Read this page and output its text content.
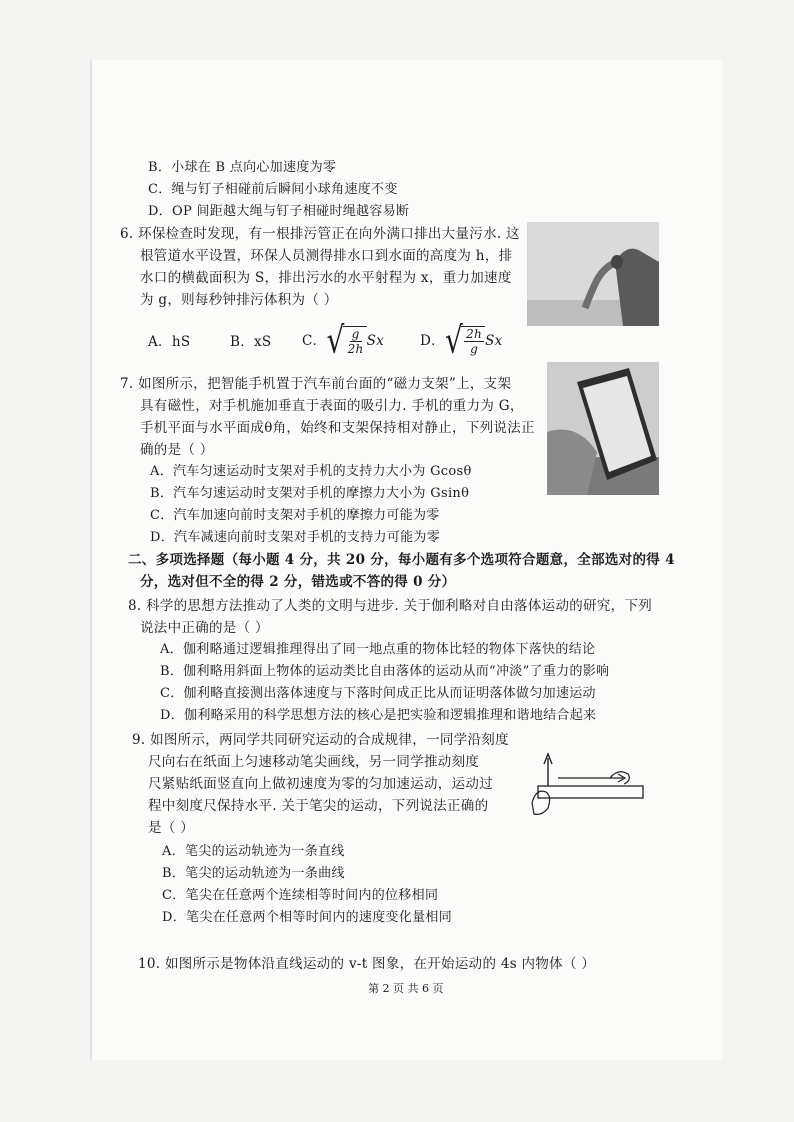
B．小球在 B 点向心加速度为零
C．绳与钉子相碰前后瞬间小球角速度不变
D．OP 间距越大绳与钉子相碰时绳越容易断
6. 环保检查时发现，有一根排污管正在向外满口排出大量污水. 这
根管道水平设置，环保人员测得排水口到水面的高度为 h，排
水口的横截面积为 S，排出污水的水平射程为 x，重力加速度
为 g，则每秒钟排污体积为（ ）
A．hS	B．xS C． √ $\frac{g}{2h}$ Sx	D． √ $\frac{2h}{g}$ Sx
7. 如图所示，把智能手机置于汽车前台面的“磁力支架”上，支架
具有磁性，对手机施加垂直于表面的吸引力. 手机的重力为 G，
手机平面与水平面成θ角，始终和支架保持相对静止，下列说法正
确的是（ ）
A．汽车匀速运动时支架对手机的支持力大小为 Gcosθ
B．汽车匀速运动时支架对手机的摩擦力大小为 Gsinθ
C．汽车加速向前时支架对手机的摩擦力可能为零
D．汽车减速向前时支架对手机的支持力可能为零
二、多项选择题（每小题 4 分，共 20 分，每小题有多个选项符合题意，全部选对的得 4
分，选对但不全的得 2 分，错选或不答的得 0 分）
8. 科学的思想方法推动了人类的文明与进步. 关于伽利略对自由落体运动的研究，下列
说法中正确的是（ ）
A．伽利略通过逻辑推理得出了同一地点重的物体比轻的物体下落快的结论
B．伽利略用斜面上物体的运动类比自由落体的运动从而“冲淡”了重力的影响
C．伽利略直接测出落体速度与下落时间成正比从而证明落体做匀加速运动
D．伽利略采用的科学思想方法的核心是把实验和逻辑推理和谐地结合起来
9. 如图所示，两同学共同研究运动的合成规律，一同学沿刻度
尺向右在纸面上匀速移动笔尖画线，另一同学推动刻度
尺紧贴纸面竖直向上做初速度为零的匀加速运动，运动过
程中刻度尺保持水平. 关于笔尖的运动，下列说法正确的
是（ ）
A．笔尖的运动轨迹为一条直线
B．笔尖的运动轨迹为一条曲线
C．笔尖在任意两个连续相等时间内的位移相同
D．笔尖在任意两个相等时间内的速度变化量相同
10. 如图所示是物体沿直线运动的 v-t 图象，在开始运动的 4s 内物体（ ）
第 2 页 共 6 页
